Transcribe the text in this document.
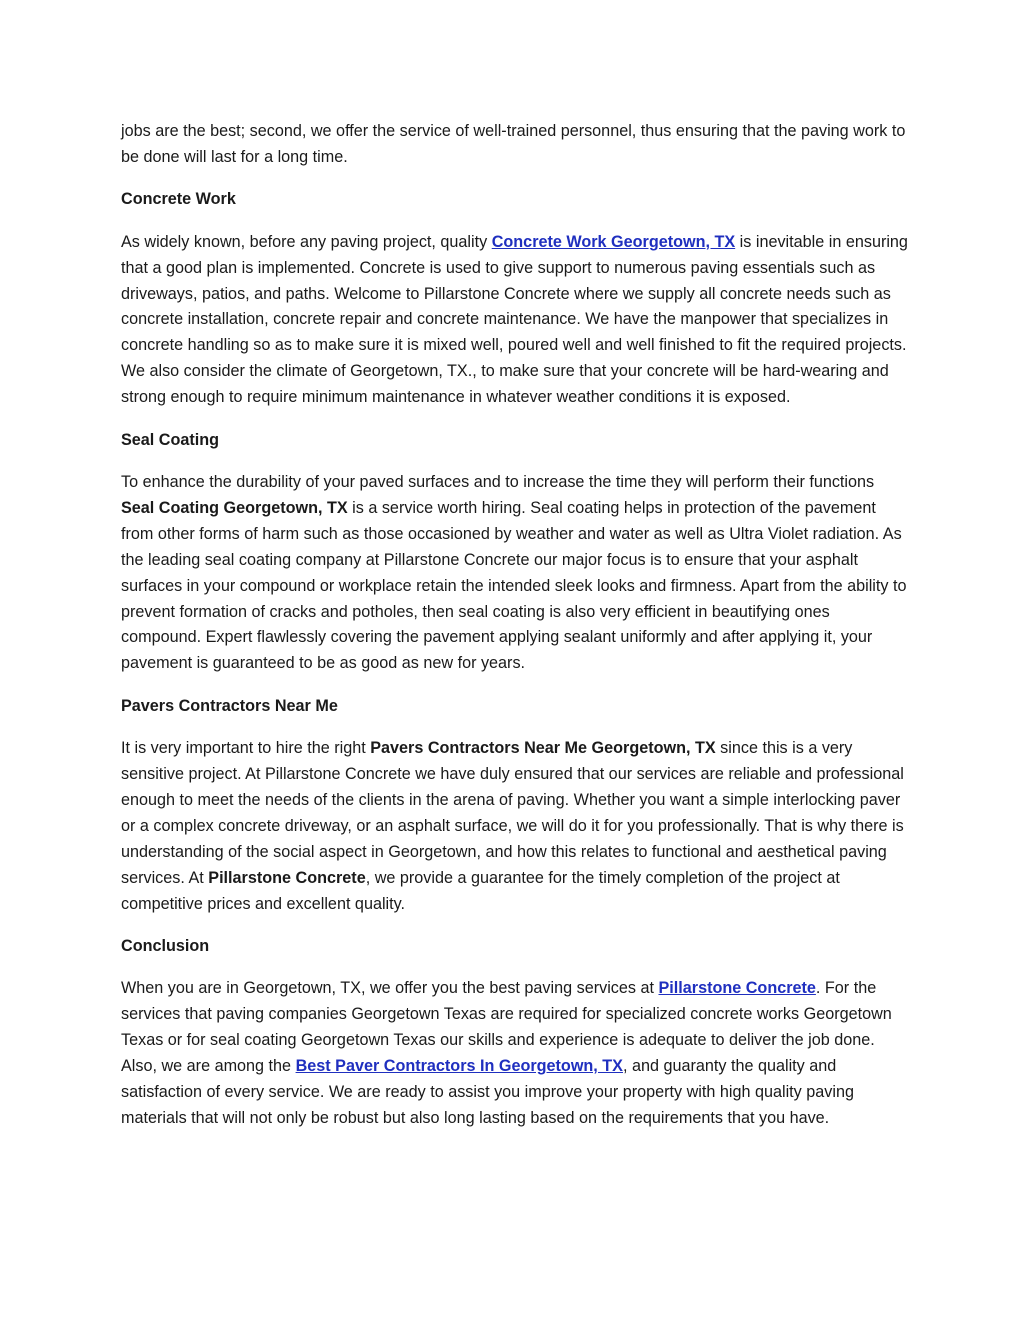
jobs are the best; second, we offer the service of well-trained personnel, thus ensuring that the paving work to be done will last for a long time.

Concrete Work

As widely known, before any paving project, quality Concrete Work Georgetown, TX is inevitable in ensuring that a good plan is implemented. Concrete is used to give support to numerous paving essentials such as driveways, patios, and paths. Welcome to Pillarstone Concrete where we supply all concrete needs such as concrete installation, concrete repair and concrete maintenance. We have the manpower that specializes in concrete handling so as to make sure it is mixed well, poured well and well finished to fit the required projects. We also consider the climate of Georgetown, TX., to make sure that your concrete will be hard-wearing and strong enough to require minimum maintenance in whatever weather conditions it is exposed.

Seal Coating

To enhance the durability of your paved surfaces and to increase the time they will perform their functions Seal Coating Georgetown, TX is a service worth hiring. Seal coating helps in protection of the pavement from other forms of harm such as those occasioned by weather and water as well as Ultra Violet radiation. As the leading seal coating company at Pillarstone Concrete our major focus is to ensure that your asphalt surfaces in your compound or workplace retain the intended sleek looks and firmness. Apart from the ability to prevent formation of cracks and potholes, then seal coating is also very efficient in beautifying ones compound. Expert flawlessly covering the pavement applying sealant uniformly and after applying it, your pavement is guaranteed to be as good as new for years.

Pavers Contractors Near Me

It is very important to hire the right Pavers Contractors Near Me Georgetown, TX since this is a very sensitive project. At Pillarstone Concrete we have duly ensured that our services are reliable and professional enough to meet the needs of the clients in the arena of paving. Whether you want a simple interlocking paver or a complex concrete driveway, or an asphalt surface, we will do it for you professionally. That is why there is understanding of the social aspect in Georgetown, and how this relates to functional and aesthetical paving services. At Pillarstone Concrete, we provide a guarantee for the timely completion of the project at competitive prices and excellent quality.

Conclusion

When you are in Georgetown, TX, we offer you the best paving services at Pillarstone Concrete. For the services that paving companies Georgetown Texas are required for specialized concrete works Georgetown Texas or for seal coating Georgetown Texas our skills and experience is adequate to deliver the job done. Also, we are among the Best Paver Contractors In Georgetown, TX, and guaranty the quality and satisfaction of every service. We are ready to assist you improve your property with high quality paving materials that will not only be robust but also long lasting based on the requirements that you have.
